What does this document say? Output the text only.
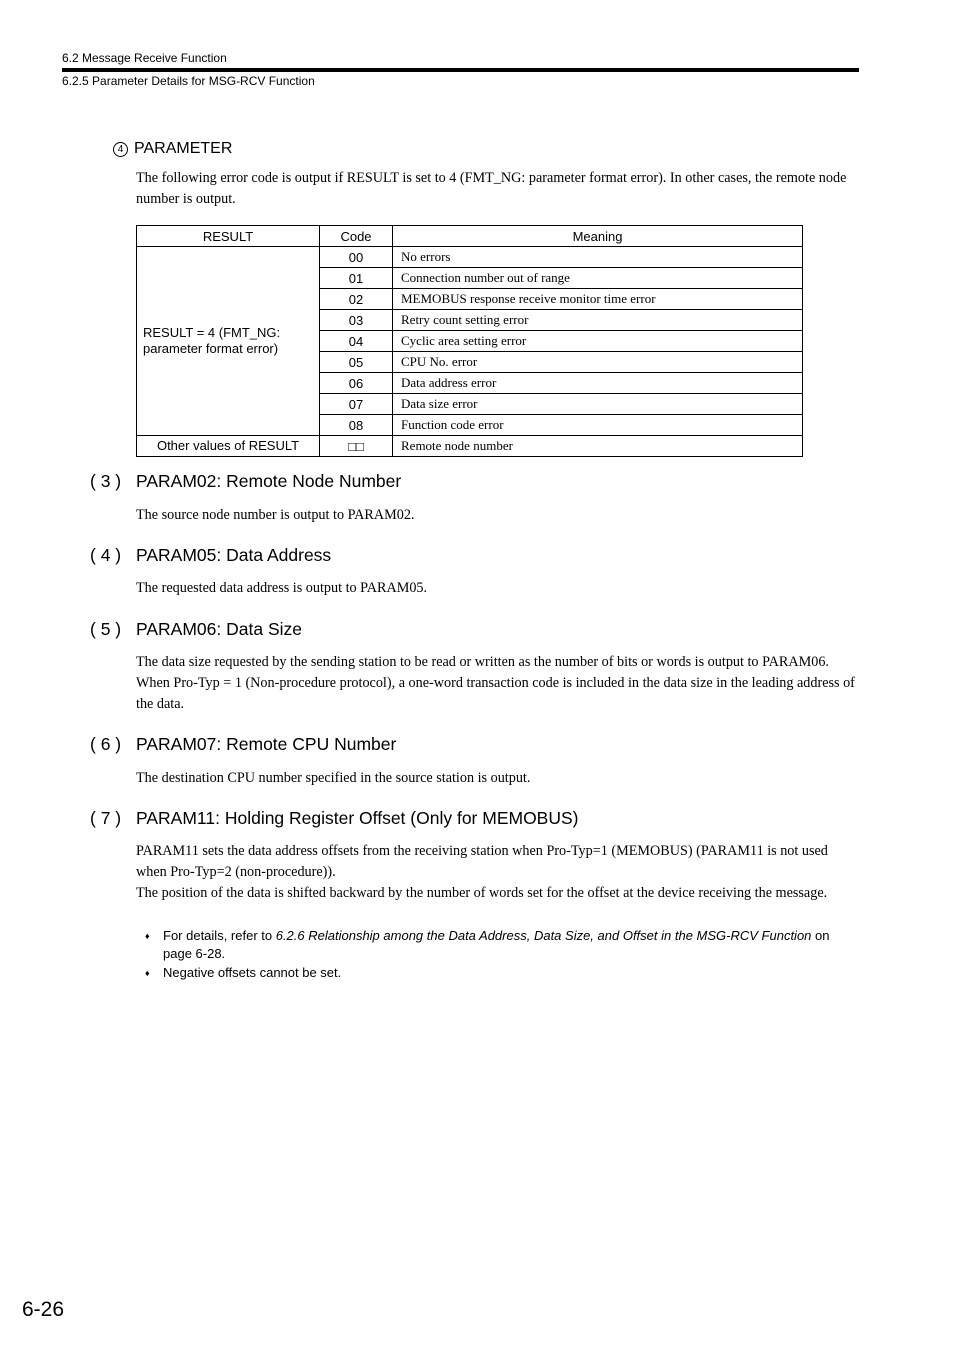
6.2 Message Receive Function
6.2.5 Parameter Details for MSG-RCV Function
4 PARAMETER
The following error code is output if RESULT is set to 4 (FMT_NG: parameter format error). In other cases, the remote node number is output.
RESULT	Code	Meaning
RESULT = 4 (FMT_NG: parameter format error)	00	No errors
	01	Connection number out of range
	02	MEMOBUS response receive monitor time error
	03	Retry count setting error
	04	Cyclic area setting error
	05	CPU No. error
	06	Data address error
	07	Data size error
	08	Function code error
Other values of RESULT	□□	Remote node number
( 3 ) PARAM02: Remote Node Number
The source node number is output to PARAM02.
( 4 ) PARAM05: Data Address
The requested data address is output to PARAM05.
( 5 ) PARAM06: Data Size
The data size requested by the sending station to be read or written as the number of bits or words is output to PARAM06. When Pro-Typ = 1 (Non-procedure protocol), a one-word transaction code is included in the data size in the leading address of the data.
( 6 ) PARAM07: Remote CPU Number
The destination CPU number specified in the source station is output.
( 7 ) PARAM11: Holding Register Offset (Only for MEMOBUS)
PARAM11 sets the data address offsets from the receiving station when Pro-Typ=1 (MEMOBUS) (PARAM11 is not used when Pro-Typ=2 (non-procedure)).
The position of the data is shifted backward by the number of words set for the offset at the device receiving the message.
♦	For details, refer to 6.2.6 Relationship among the Data Address, Data Size, and Offset in the MSG-RCV Function on page 6-28.
♦	Negative offsets cannot be set.
6-26
